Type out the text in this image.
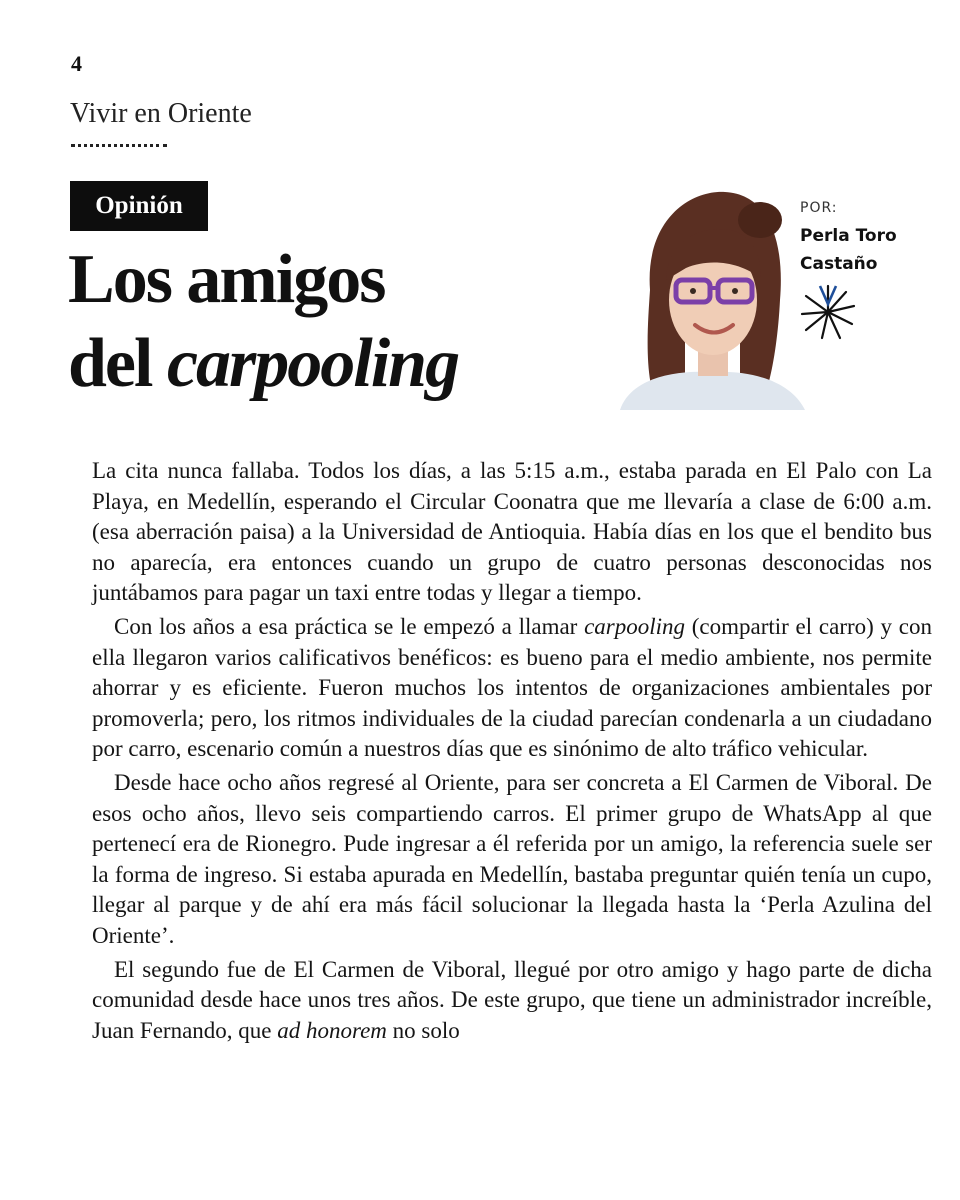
4
Vivir en Oriente
Opinión
Los amigos
del carpooling
POR:
Perla Toro
Castaño

La cita nunca fallaba. Todos los días, a las 5:15 a.m., estaba parada en El Palo con La Playa, en Medellín, esperando el Circular Coonatra que me llevaría a clase de 6:00 a.m. (esa aberración paisa) a la Universidad de Antioquia. Había días en los que el bendito bus no aparecía, era entonces cuando un grupo de cuatro personas desconocidas nos juntábamos para pagar un taxi entre todas y llegar a tiempo.

Con los años a esa práctica se le empezó a llamar carpooling (compartir el carro) y con ella llegaron varios calificativos benéficos: es bueno para el medio ambiente, nos permite ahorrar y es eficiente. Fueron muchos los intentos de organizaciones ambientales por promoverla; pero, los ritmos individuales de la ciudad parecían condenarla a un ciudadano por carro, escenario común a nuestros días que es sinónimo de alto tráfico vehicular.

Desde hace ocho años regresé al Oriente, para ser concreta a El Carmen de Viboral. De esos ocho años, llevo seis compartiendo carros. El primer grupo de WhatsApp al que pertenecí era de Rionegro. Pude ingresar a él referida por un amigo, la referencia suele ser la forma de ingreso. Si estaba apurada en Medellín, bastaba preguntar quién tenía un cupo, llegar al parque y de ahí era más fácil solucionar la llegada hasta la ‘Perla Azulina del Oriente’.

El segundo fue de El Carmen de Viboral, llegué por otro amigo y hago parte de dicha comunidad desde hace unos tres años. De este grupo, que tiene un administrador increíble, Juan Fernando, que ad honorem no solo
